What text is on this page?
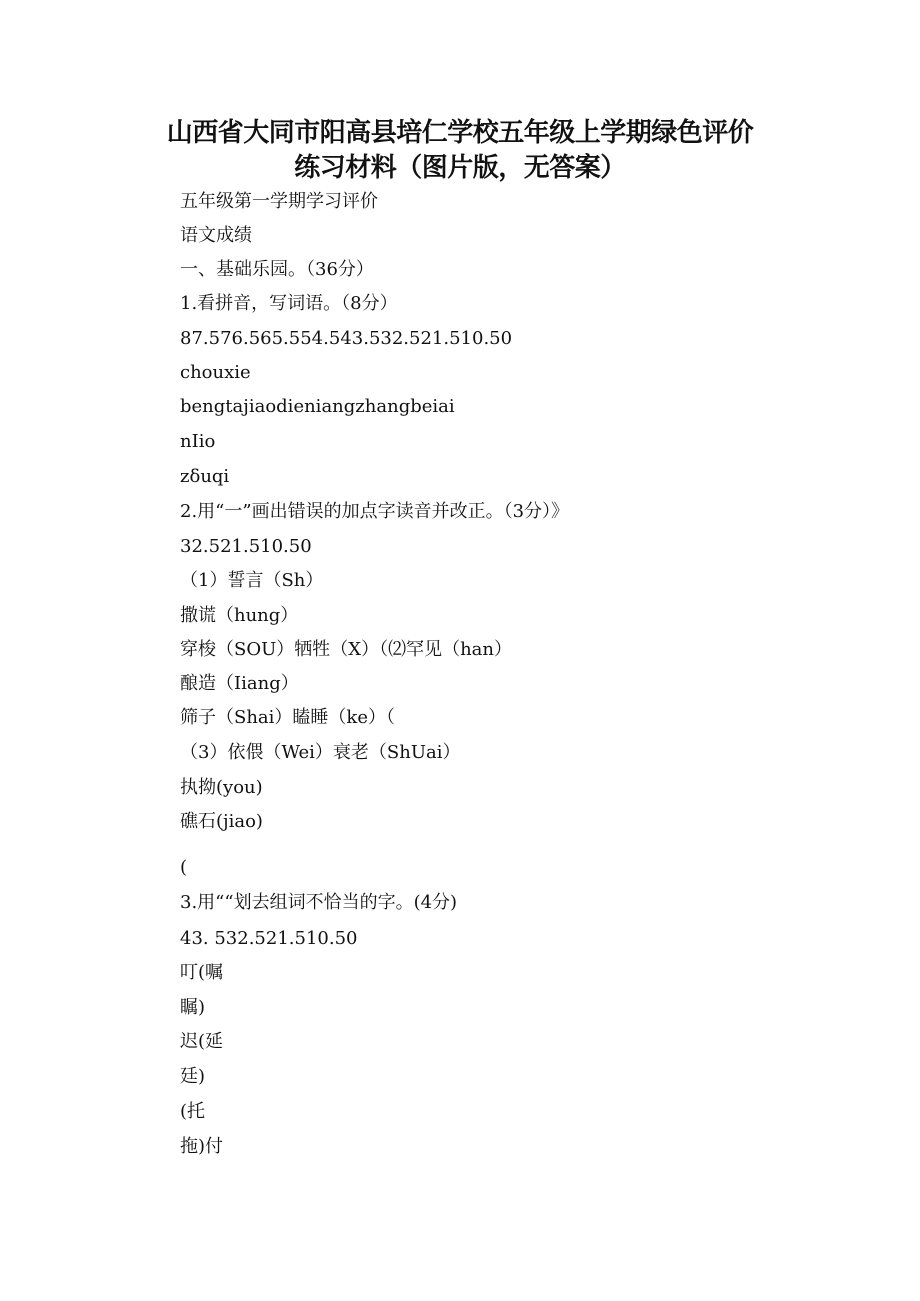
山西省大同市阳高县培仁学校五年级上学期绿色评价
练习材料（图片版，无答案）
五年级第一学期学习评价
语文成绩
一、基础乐园。（36分）
1.看拼音，写词语。（8分）
87.576.565.554.543.532.521.510.50
chouxie
bengtajiaodieniangzhangbeiai
nIio
zδuqi
2.用“一”画出错误的加点字读音并改正。（3分）》
32.521.510.50
（1）誓言（Sh）
撒谎（hung）
穿梭（SOU）牺牲（X）（⑵罕见（han）
酿造（Iiang）
筛子（Shai）瞌睡（ke）（
（3）依偎（Wei）衰老（ShUai）
执拗(you)
礁石(jiao)
(
3.用““划去组词不恰当的字。(4分)
43. 532.521.510.50
叮(嘱
瞩)
迟(延
廷)
(托
拖)付
